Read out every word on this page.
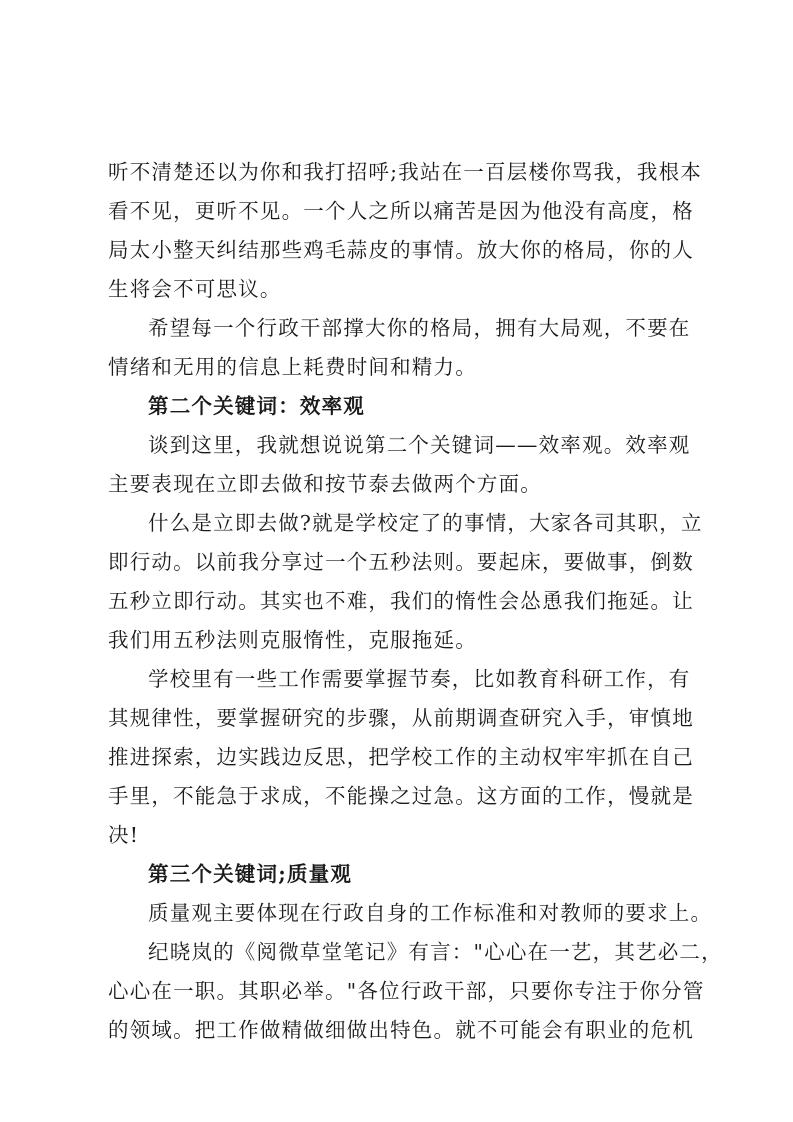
听不清楚还以为你和我打招呼;我站在一百层楼你骂我，我根本
看不见，更听不见。一个人之所以痛苦是因为他没有高度，格
局太小整天纠结那些鸡毛蒜皮的事情。放大你的格局，你的人
生将会不可思议。
希望每一个行政干部撑大你的格局，拥有大局观，不要在
情绪和无用的信息上耗费时间和精力。
第二个关键词：效率观
谈到这里，我就想说说第二个关键词——效率观。效率观
主要表现在立即去做和按节泰去做两个方面。
什么是立即去做?就是学校定了的事情，大家各司其职，立
即行动。以前我分享过一个五秒法则。要起床，要做事，倒数
五秒立即行动。其实也不难，我们的惰性会怂恿我们拖延。让
我们用五秒法则克服惰性，克服拖延。
学校里有一些工作需要掌握节奏，比如教育科研工作，有
其规律性，要掌握研究的步骤，从前期调查研究入手，审慎地
推进探索，边实践边反思，把学校工作的主动权牢牢抓在自己
手里，不能急于求成，不能操之过急。这方面的工作，慢就是
决!
第三个关键词;质量观
质量观主要体现在行政自身的工作标准和对教师的要求上。
纪晓岚的《阅微草堂笔记》有言："心心在一艺，其艺必二，
心心在一职。其职必举。"各位行政干部，只要你专注于你分管
的领域。把工作做精做细做出特色。就不可能会有职业的危机
